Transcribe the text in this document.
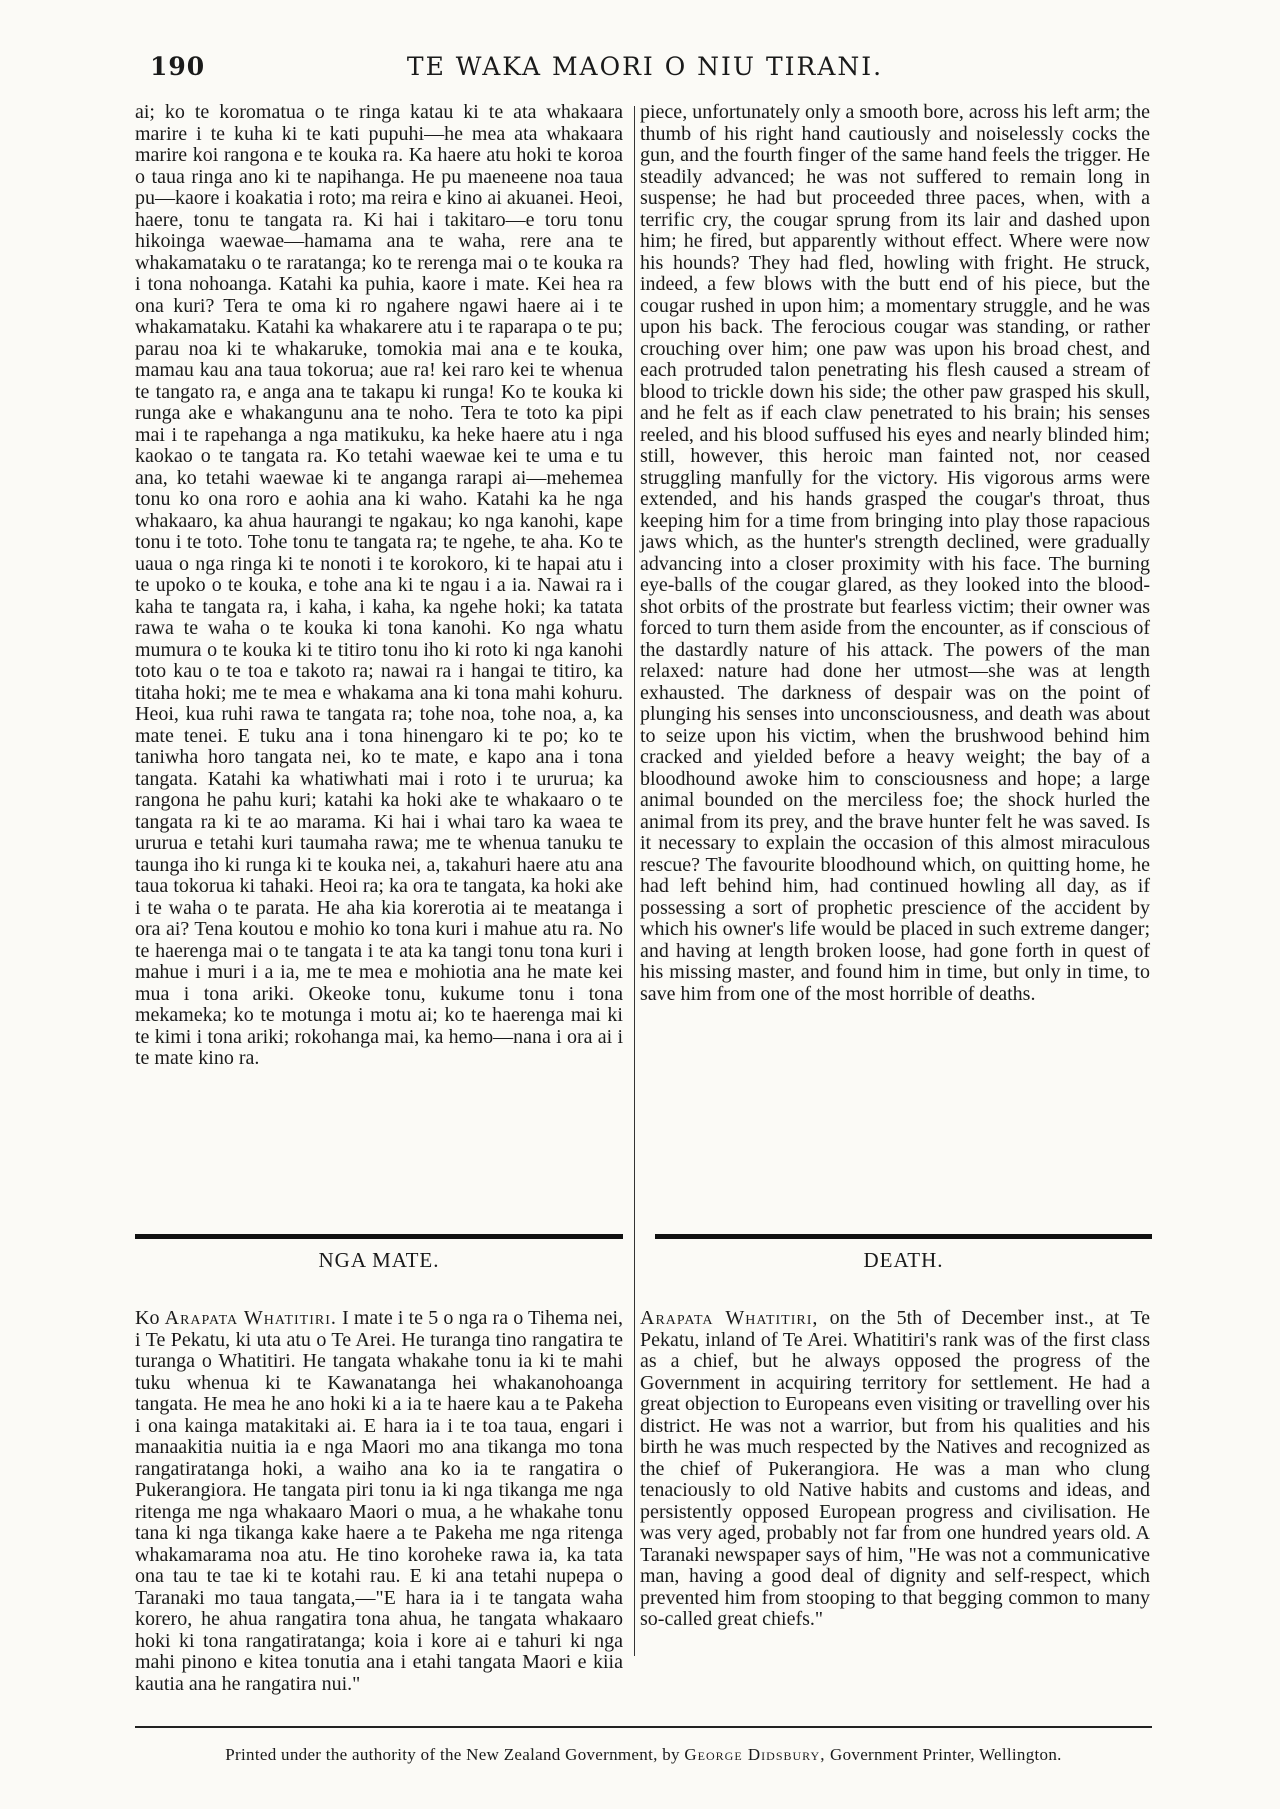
190	TE WAKA MAORI O NIU TIRANI.

ai; ko te koromatua o te ringa katau ki te ata whakaara marire i te kuha ki te kati pupuhi—he mea ata whakaara marire koi rangona e te kouka ra. Ka haere atu hoki te koroa o taua ringa ano ki te napihanga. He pu maeneene noa taua pu—kaore i koakatia i roto; ma reira e kino ai akuanei. Heoi, haere, tonu te tangata ra. Ki hai i takitaro—e toru tonu hikoinga waewae—hamama ana te waha, rere ana te whakamataku o te raratanga; ko te rerenga mai o te kouka ra i tona nohoanga. Katahi ka puhia, kaore i mate. Kei hea ra ona kuri? Tera te oma ki ro ngahere ngawi haere ai i te whakamataku. Katahi ka whakarere atu i te raparapa o te pu; parau noa ki te whakaruke, tomokia mai ana e te kouka, mamau kau ana taua tokorua; aue ra! kei raro kei te whenua te tangato ra, e anga ana te takapu ki runga! Ko te kouka ki runga ake e whakangunu ana te noho. Tera te toto ka pipi mai i te rapehanga a nga matikuku, ka heke haere atu i nga kaokao o te tangata ra. Ko tetahi waewae kei te uma e tu ana, ko tetahi waewae ki te anganga rarapi ai—mehemea tonu ko ona roro e aohia ana ki waho. Katahi ka he nga whakaaro, ka ahua haurangi te ngakau; ko nga kanohi, kape tonu i te toto. Tohe tonu te tangata ra; te ngehe, te aha. Ko te uaua o nga ringa ki te nonoti i te korokoro, ki te hapai atu i te upoko o te kouka, e tohe ana ki te ngau i a ia. Nawai ra i kaha te tangata ra, i kaha, i kaha, ka ngehe hoki; ka tatata rawa te waha o te kouka ki tona kanohi. Ko nga whatu mumura o te kouka ki te titiro tonu iho ki roto ki nga kanohi toto kau o te toa e takoto ra; nawai ra i hangai te titiro, ka titaha hoki; me te mea e whakama ana ki tona mahi kohuru. Heoi, kua ruhi rawa te tangata ra; tohe noa, tohe noa, a, ka mate tenei. E tuku ana i tona hinengaro ki te po; ko te taniwha horo tangata nei, ko te mate, e kapo ana i tona tangata. Katahi ka whatiwhati mai i roto i te ururua; ka rangona he pahu kuri; katahi ka hoki ake te whakaaro o te tangata ra ki te ao marama. Ki hai i whai taro ka waea te ururua e tetahi kuri taumaha rawa; me te whenua tanuku te taunga iho ki runga ki te kouka nei, a, takahuri haere atu ana taua tokorua ki tahaki. Heoi ra; ka ora te tangata, ka hoki ake i te waha o te parata. He aha kia korerotia ai te meatanga i ora ai? Tena koutou e mohio ko tona kuri i mahue atu ra. No te haerenga mai o te tangata i te ata ka tangi tonu tona kuri i mahue i muri i a ia, me te mea e mohiotia ana he mate kei mua i tona ariki. Okeoke tonu, kukume tonu i tona mekameka; ko te motunga i motu ai; ko te haerenga mai ki te kimi i tona ariki; rokohanga mai, ka hemo—nana i ora ai i te mate kino ra.

piece, unfortunately only a smooth bore, across his left arm; the thumb of his right hand cautiously and noiselessly cocks the gun, and the fourth finger of the same hand feels the trigger. He steadily advanced; he was not suffered to remain long in suspense; he had but proceeded three paces, when, with a terrific cry, the cougar sprung from its lair and dashed upon him; he fired, but apparently without effect. Where were now his hounds? They had fled, howling with fright. He struck, indeed, a few blows with the butt end of his piece, but the cougar rushed in upon him; a momentary struggle, and he was upon his back. The ferocious cougar was standing, or rather crouching over him; one paw was upon his broad chest, and each protruded talon penetrating his flesh caused a stream of blood to trickle down his side; the other paw grasped his skull, and he felt as if each claw penetrated to his brain; his senses reeled, and his blood suffused his eyes and nearly blinded him; still, however, this heroic man fainted not, nor ceased struggling manfully for the victory. His vigorous arms were extended, and his hands grasped the cougar's throat, thus keeping him for a time from bringing into play those rapacious jaws which, as the hunter's strength declined, were gradually advancing into a closer proximity with his face. The burning eye-balls of the cougar glared, as they looked into the blood-shot orbits of the prostrate but fearless victim; their owner was forced to turn them aside from the encounter, as if conscious of the dastardly nature of his attack. The powers of the man relaxed: nature had done her utmost—she was at length exhausted. The darkness of despair was on the point of plunging his senses into unconsciousness, and death was about to seize upon his victim, when the brushwood behind him cracked and yielded before a heavy weight; the bay of a bloodhound awoke him to consciousness and hope; a large animal bounded on the merciless foe; the shock hurled the animal from its prey, and the brave hunter felt he was saved. Is it necessary to explain the occasion of this almost miraculous rescue? The favourite bloodhound which, on quitting home, he had left behind him, had continued howling all day, as if possessing a sort of prophetic prescience of the accident by which his owner's life would be placed in such extreme danger; and having at length broken loose, had gone forth in quest of his missing master, and found him in time, but only in time, to save him from one of the most horrible of deaths.

NGA MATE.	DEATH.

Ko Arapata Whatitiri. I mate i te 5 o nga ra o Tihema nei, i Te Pekatu, ki uta atu o Te Arei. He turanga tino rangatira te turanga o Whatitiri. He tangata whakahe tonu ia ki te mahi tuku whenua ki te Kawanatanga hei whakanohoanga tangata. He mea he ano hoki ki a ia te haere kau a te Pakeha i ona kainga matakitaki ai. E hara ia i te toa taua, engari i manaakitia nuitia ia e nga Maori mo ana tikanga mo tona rangatiratanga hoki, a waiho ana ko ia te rangatira o Pukerangiora. He tangata piri tonu ia ki nga tikanga me nga ritenga me nga whakaaro Maori o mua, a he whakahe tonu tana ki nga tikanga kake haere a te Pakeha me nga ritenga whakamarama noa atu. He tino koroheke rawa ia, ka tata ona tau te tae ki te kotahi rau. E ki ana tetahi nupepa o Taranaki mo taua tangata,—"E hara ia i te tangata waha korero, he ahua rangatira tona ahua, he tangata whakaaro hoki ki tona rangatiratanga; koia i kore ai e tahuri ki nga mahi pinono e kitea tonutia ana i etahi tangata Maori e kiia kautia ana he rangatira nui."

Arapata Whatitiri, on the 5th of December inst., at Te Pekatu, inland of Te Arei. Whatitiri's rank was of the first class as a chief, but he always opposed the progress of the Government in acquiring territory for settlement. He had a great objection to Europeans even visiting or travelling over his district. He was not a warrior, but from his qualities and his birth he was much respected by the Natives and recognized as the chief of Pukerangiora. He was a man who clung tenaciously to old Native habits and customs and ideas, and persistently opposed European progress and civilisation. He was very aged, probably not far from one hundred years old. A Taranaki newspaper says of him, "He was not a communicative man, having a good deal of dignity and self-respect, which prevented him from stooping to that begging common to many so-called great chiefs."

Printed under the authority of the New Zealand Government, by George Didsbury, Government Printer, Wellington.
